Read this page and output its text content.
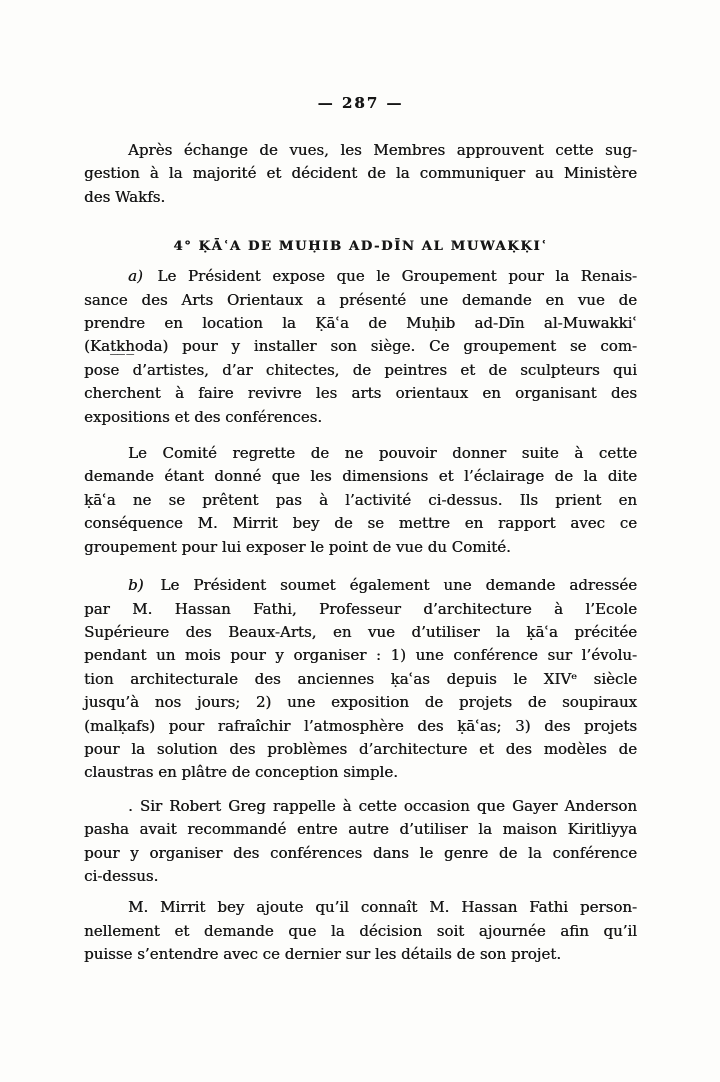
— 287 —
Après échange de vues, les Membres approuvent cette sug-
gestion à la majorité et décident de la communiquer au Ministère
des Wakfs.
4° ḲĀʿA DE MUḤIB AD-DĪN AL MUWAḲḲIʿ
a) Le Président expose que le Groupement pour la Renais-
sance des Arts Orientaux a présenté une demande en vue de
prendre en location la Ḳāʿa de Muḥib ad-Dīn al-Muwakkiʿ
(Kat̲k̲h̲oda) pour y installer son siège. Ce groupement se com-
pose d’artistes, d’ar chitectes, de peintres et de sculpteurs qui
cherchent à faire revivre les arts orientaux en organisant des
expositions et des conférences.
Le Comité regrette de ne pouvoir donner suite à cette
demande étant donné que les dimensions et l’éclairage de la dite
ḳāʿa ne se prêtent pas à l’activité ci-dessus. Ils prient en
conséquence M. Mirrit bey de se mettre en rapport avec ce
groupement pour lui exposer le point de vue du Comité.
b) Le Président soumet également une demande adressée
par M. Hassan Fathi, Professeur d’architecture à l’Ecole
Supérieure des Beaux-Arts, en vue d’utiliser la ḳāʿa précitée
pendant un mois pour y organiser : 1) une conférence sur l’évolu-
tion architecturale des anciennes ḳaʿas depuis le XIVᵉ siècle
jusqu’à nos jours; 2) une exposition de projets de soupiraux
(malḳafs) pour rafraîchir l’atmosphère des ḳāʿas; 3) des projets
pour la solution des problèmes d’architecture et des modèles de
claustras en plâtre de conception simple.
. Sir Robert Greg rappelle à cette occasion que Gayer Anderson
pasha avait recommandé entre autre d’utiliser la maison Kiritliyya
pour y organiser des conférences dans le genre de la conférence
ci-dessus.
M. Mirrit bey ajoute qu’il connaît M. Hassan Fathi person-
nellement et demande que la décision soit ajournée afin qu’il
puisse s’entendre avec ce dernier sur les détails de son projet.
